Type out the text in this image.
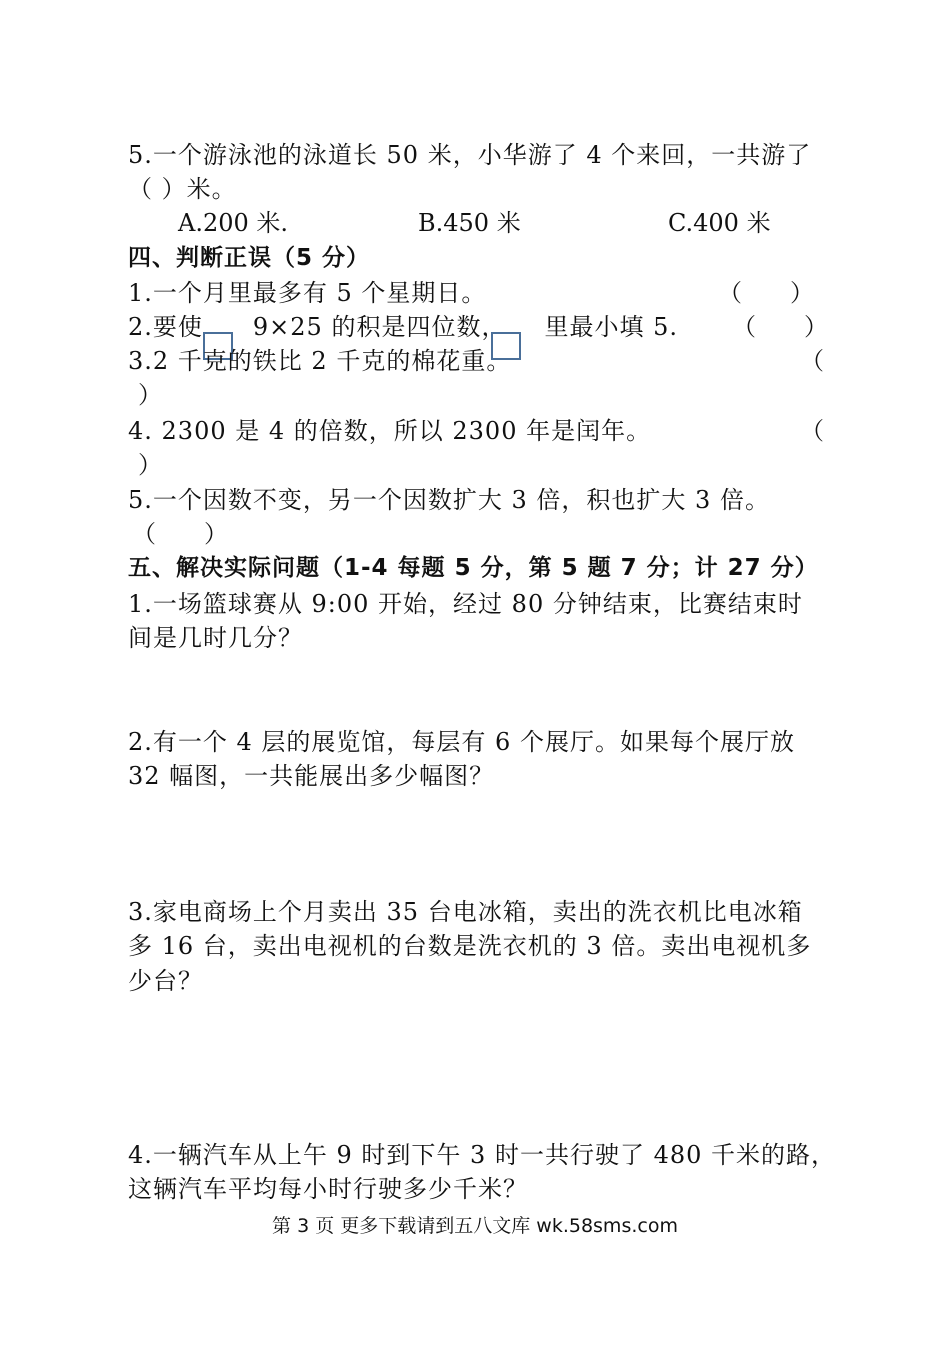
5.一个游泳池的泳道长 50 米，小华游了 4 个来回，一共游了
（ ）米。
A.200 米.	B.450 米	C.400 米
四、判断正误（5 分）
1.一个月里最多有 5 个星期日。	（　　）
2.要使　　9×25 的积是四位数，　　里最小填 5. （　　）
3.2 千克的铁比 2 千克的棉花重。	（
）
4. 2300 是 4 的倍数，所以 2300 年是闰年。	（
）
5.一个因数不变，另一个因数扩大 3 倍，积也扩大 3 倍。
（　　）
五、解决实际问题（1-4 每题 5 分，第 5 题 7 分；计 27 分）
1.一场篮球赛从 9:00 开始，经过 80 分钟结束，比赛结束时
间是几时几分？
2.有一个 4 层的展览馆，每层有 6 个展厅。如果每个展厅放
32 幅图，一共能展出多少幅图？
3.家电商场上个月卖出 35 台电冰箱，卖出的洗衣机比电冰箱
多 16 台，卖出电视机的台数是洗衣机的 3 倍。卖出电视机多
少台？
4.一辆汽车从上午 9 时到下午 3 时一共行驶了 480 千米的路，
这辆汽车平均每小时行驶多少千米？
第 3 页 更多下载请到五八文库 wk.58sms.com
